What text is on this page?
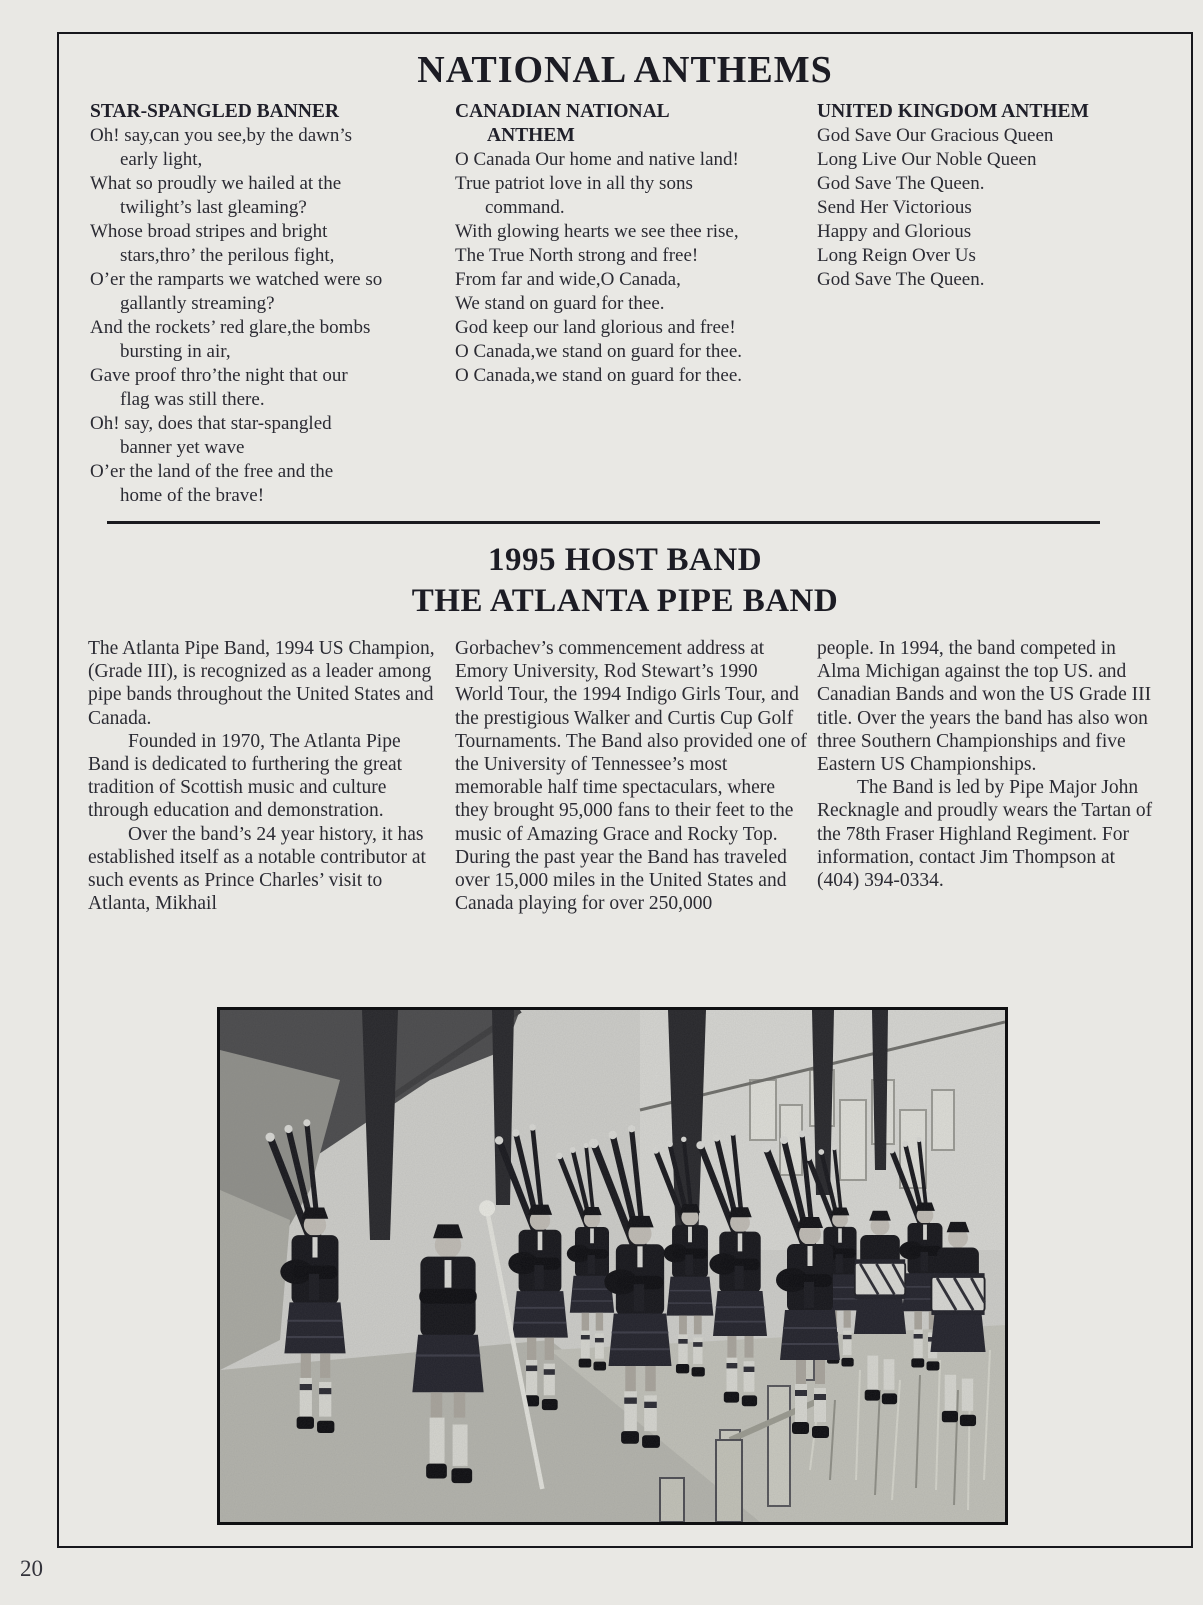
NATIONAL ANTHEMS
STAR-SPANGLED BANNER
Oh! say,can you see,by the dawn’s
early light,
What so proudly we hailed at the
twilight’s last gleaming?
Whose broad stripes and bright
stars,thro’ the perilous fight,
O’er the ramparts we watched were so
gallantly streaming?
And the rockets’ red glare,the bombs
bursting in air,
Gave proof thro’the night that our
flag was still there.
Oh! say, does that star-spangled
banner yet wave
O’er the land of the free and the
home of the brave!
CANADIAN NATIONAL
ANTHEM
O Canada Our home and native land!
True patriot love in all thy sons
command.
With glowing hearts we see thee rise,
The True North strong and free!
From far and wide,O Canada,
We stand on guard for thee.
God keep our land glorious and free!
O Canada,we stand on guard for thee.
O Canada,we stand on guard for thee.
UNITED KINGDOM ANTHEM
God Save Our Gracious Queen
Long Live Our Noble Queen
God Save The Queen.
Send Her Victorious
Happy and Glorious
Long Reign Over Us
God Save The Queen.
1995 HOST BAND
THE ATLANTA PIPE BAND
The Atlanta Pipe Band, 1994 US Champion, (Grade III), is recognized as a leader among pipe bands throughout the United States and Canada.
Founded in 1970, The Atlanta Pipe Band is dedicated to furthering the great tradition of Scottish music and culture through education and demonstration.
Over the band’s 24 year history, it has established itself as a notable contributor at such events as Prince Charles’ visit to Atlanta, Mikhail
Gorbachev’s commencement address at Emory University, Rod Stewart’s 1990 World Tour, the 1994 Indigo Girls Tour, and the prestigious Walker and Curtis Cup Golf Tournaments. The Band also provided one of the University of Tennessee’s most memorable half time spectaculars, where they brought 95,000 fans to their feet to the music of Amazing Grace and Rocky Top. During the past year the Band has traveled over 15,000 miles in the United States and Canada playing for over 250,000
people. In 1994, the band competed in Alma Michigan against the top US. and Canadian Bands and won the US Grade III title. Over the years the band has also won three Southern Championships and five Eastern US Championships.
The Band is led by Pipe Major John Recknagle and proudly wears the Tartan of the 78th Fraser Highland Regiment. For information, contact Jim Thompson at (404) 394-0334.
20
